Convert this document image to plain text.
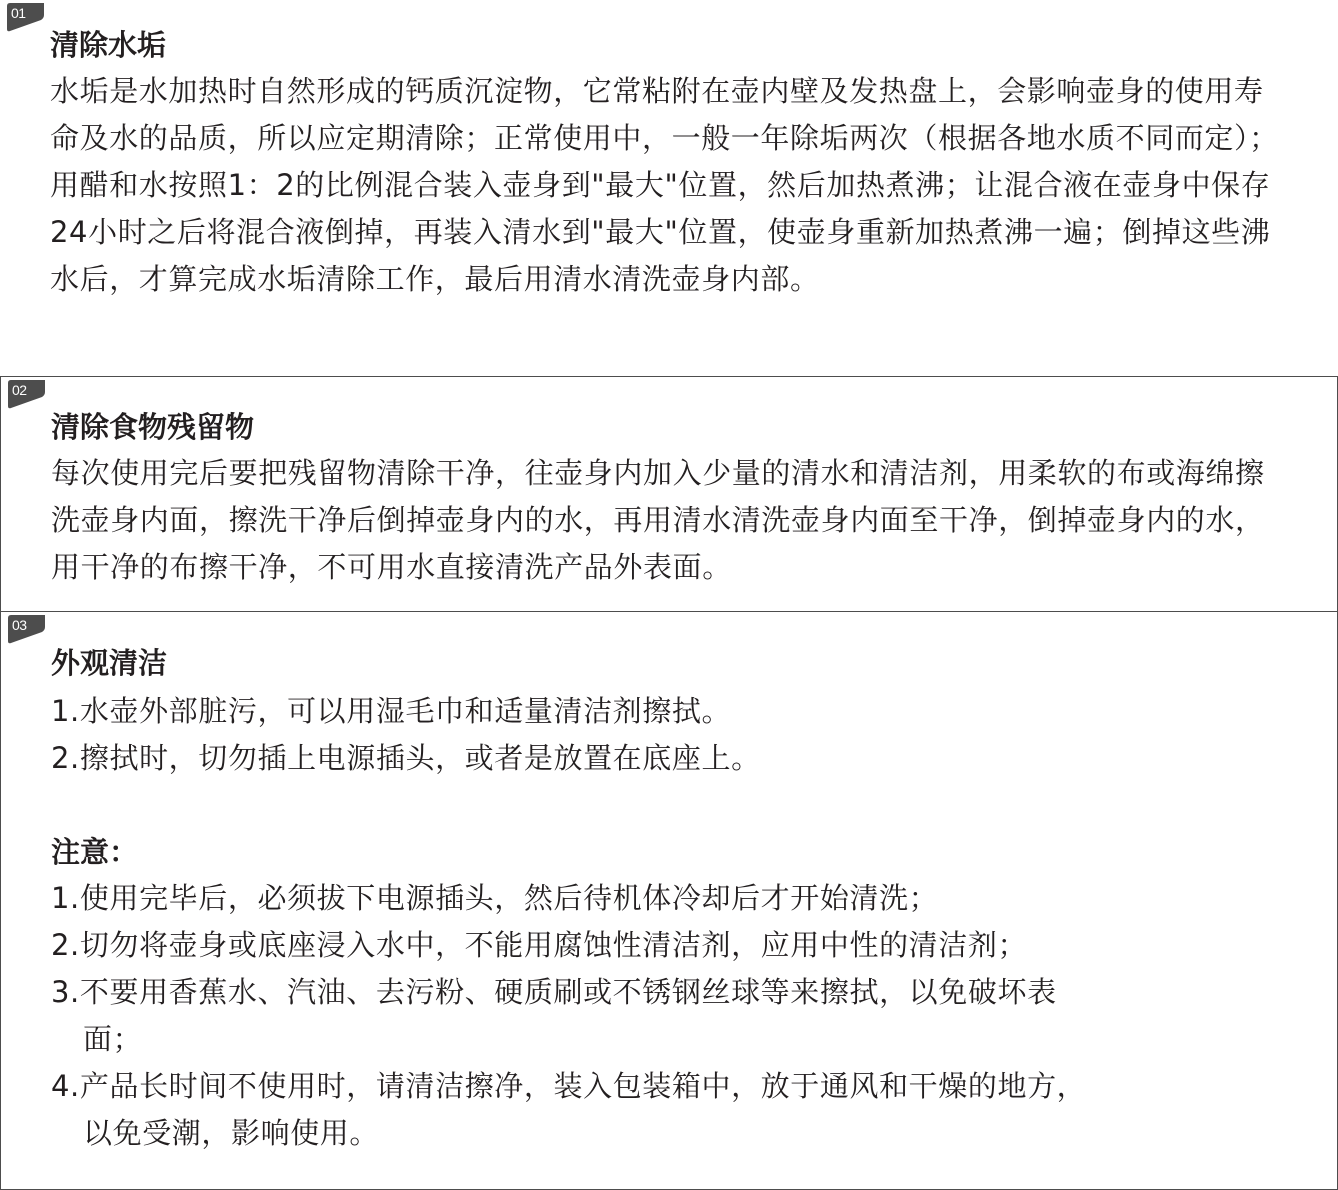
01
清除水垢

水垢是水加热时自然形成的钙质沉淀物，它常粘附在壶内壁及发热盘上，会影响壶身的使用寿命及水的品质，所以应定期清除；正常使用中，一般一年除垢两次（根据各地水质不同而定）；用醋和水按照1：2的比例混合装入壶身到"最大"位置，然后加热煮沸；让混合液在壶身中保存24小时之后将混合液倒掉，再装入清水到"最大"位置，使壶身重新加热煮沸一遍；倒掉这些沸水后，才算完成水垢清除工作，最后用清水清洗壶身内部。

02
清除食物残留物

每次使用完后要把残留物清除干净，往壶身内加入少量的清水和清洁剂，用柔软的布或海绵擦洗壶身内面，擦洗干净后倒掉壶身内的水，再用清水清洗壶身内面至干净，倒掉壶身内的水，用干净的布擦干净，不可用水直接清洗产品外表面。

03
外观清洁
1.水壶外部脏污，可以用湿毛巾和适量清洁剂擦拭。
2.擦拭时，切勿插上电源插头，或者是放置在底座上。
注意：
1.使用完毕后，必须拔下电源插头，然后待机体冷却后才开始清洗；
2.切勿将壶身或底座浸入水中，不能用腐蚀性清洁剂，应用中性的清洁剂；
3.不要用香蕉水、汽油、去污粉、硬质刷或不锈钢丝球等来擦拭，以免破坏表
面；
4.产品长时间不使用时，请清洁擦净，装入包装箱中，放于通风和干燥的地方，
以免受潮，影响使用。
